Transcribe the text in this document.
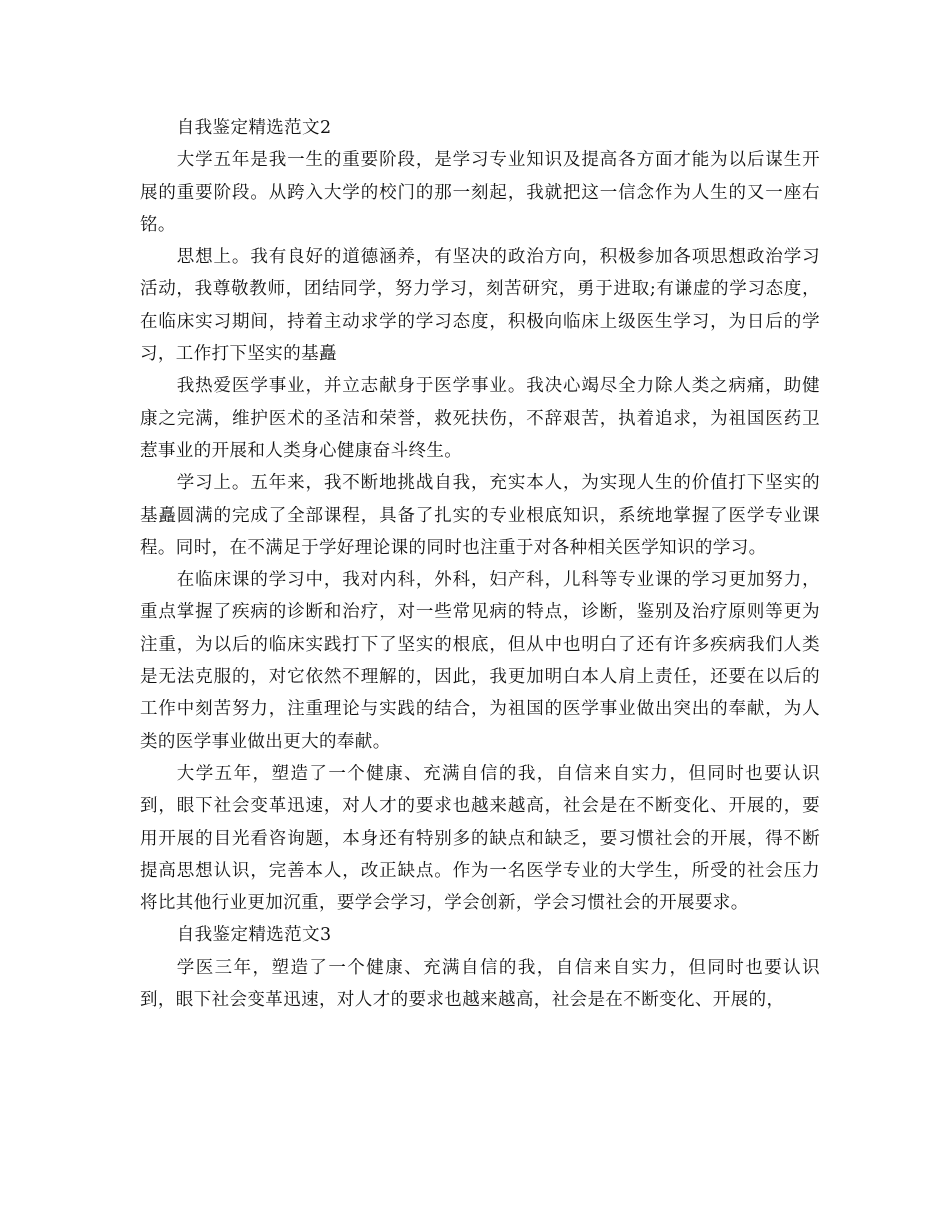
自我鉴定精选范文2

大学五年是我一生的重要阶段，是学习专业知识及提高各方面才能为以后谋生开展的重要阶段。从跨入大学的校门的那一刻起，我就把这一信念作为人生的又一座右铭。

思想上。我有良好的道德涵养，有坚决的政治方向，积极参加各项思想政治学习活动，我尊敬教师，团结同学，努力学习，刻苦研究，勇于进取;有谦虚的学习态度，在临床实习期间，持着主动求学的学习态度，积极向临床上级医生学习，为日后的学习，工作打下坚实的基矗

我热爱医学事业，并立志献身于医学事业。我决心竭尽全力除人类之病痛，助健康之完满，维护医术的圣洁和荣誉，救死扶伤，不辞艰苦，执着追求，为祖国医药卫惹事业的开展和人类身心健康奋斗终生。

学习上。五年来，我不断地挑战自我，充实本人，为实现人生的价值打下坚实的基矗圆满的完成了全部课程，具备了扎实的专业根底知识，系统地掌握了医学专业课程。同时，在不满足于学好理论课的同时也注重于对各种相关医学知识的学习。

在临床课的学习中，我对内科，外科，妇产科，儿科等专业课的学习更加努力，重点掌握了疾病的诊断和治疗，对一些常见病的特点，诊断，鉴别及治疗原则等更为注重，为以后的临床实践打下了坚实的根底，但从中也明白了还有许多疾病我们人类是无法克服的，对它依然不理解的，因此，我更加明白本人肩上责任，还要在以后的工作中刻苦努力，注重理论与实践的结合，为祖国的医学事业做出突出的奉献，为人类的医学事业做出更大的奉献。

大学五年，塑造了一个健康、充满自信的我，自信来自实力，但同时也要认识到，眼下社会变革迅速，对人才的要求也越来越高，社会是在不断变化、开展的，要用开展的目光看咨询题，本身还有特别多的缺点和缺乏，要习惯社会的开展，得不断提高思想认识，完善本人，改正缺点。作为一名医学专业的大学生，所受的社会压力将比其他行业更加沉重，要学会学习，学会创新，学会习惯社会的开展要求。

自我鉴定精选范文3

学医三年，塑造了一个健康、充满自信的我，自信来自实力，但同时也要认识到，眼下社会变革迅速，对人才的要求也越来越高，社会是在不断变化、开展的，
